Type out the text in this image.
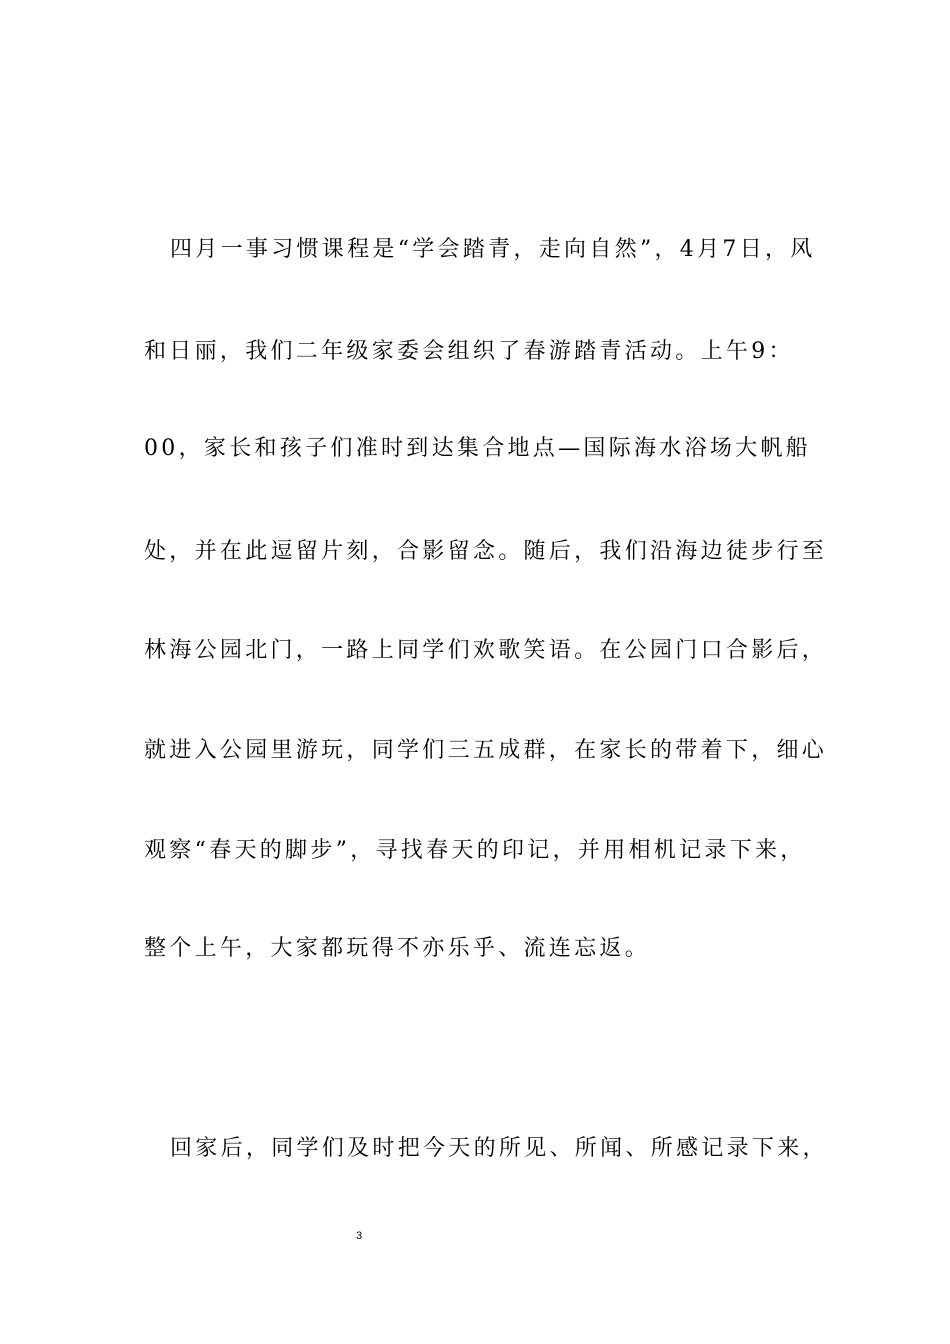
四月一事习惯课程是“学会踏青，走向自然”，4月7日，风
和日丽，我们二年级家委会组织了春游踏青活动。上午9：
00，家长和孩子们准时到达集合地点—国际海水浴场大帆船
处，并在此逗留片刻，合影留念。随后，我们沿海边徒步行至
林海公园北门，一路上同学们欢歌笑语。在公园门口合影后，
就进入公园里游玩，同学们三五成群，在家长的带着下，细心
观察“春天的脚步”，寻找春天的印记，并用相机记录下来，
整个上午，大家都玩得不亦乐乎、流连忘返。
回家后，同学们及时把今天的所见、所闻、所感记录下来，
3
